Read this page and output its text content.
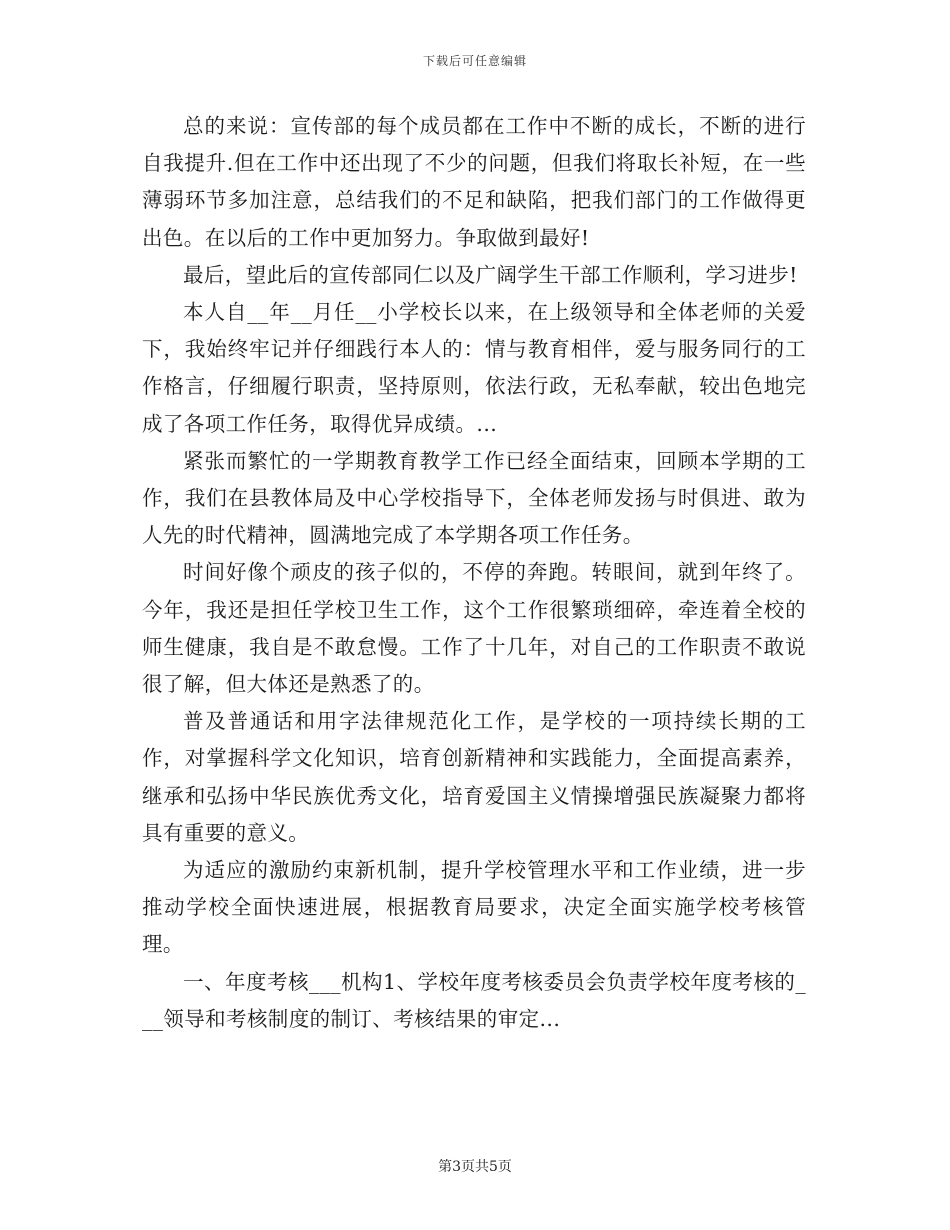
下载后可任意编辑

总的来说：宣传部的每个成员都在工作中不断的成长，不断的进行自我提升.但在工作中还出现了不少的问题，但我们将取长补短，在一些薄弱环节多加注意，总结我们的不足和缺陷，把我们部门的工作做得更出色。在以后的工作中更加努力。争取做到最好!

最后，望此后的宣传部同仁以及广阔学生干部工作顺利，学习进步!

本人自__年__月任__小学校长以来，在上级领导和全体老师的关爱下，我始终牢记并仔细践行本人的：情与教育相伴，爱与服务同行的工作格言，仔细履行职责，坚持原则，依法行政，无私奉献，较出色地完成了各项工作任务，取得优异成绩。...

紧张而繁忙的一学期教育教学工作已经全面结束，回顾本学期的工作，我们在县教体局及中心学校指导下，全体老师发扬与时俱进、敢为人先的时代精神，圆满地完成了本学期各项工作任务。

时间好像个顽皮的孩子似的，不停的奔跑。转眼间，就到年终了。今年，我还是担任学校卫生工作，这个工作很繁琐细碎，牵连着全校的师生健康，我自是不敢怠慢。工作了十几年，对自己的工作职责不敢说很了解，但大体还是熟悉了的。

普及普通话和用字法律规范化工作，是学校的一项持续长期的工作，对掌握科学文化知识，培育创新精神和实践能力，全面提高素养，继承和弘扬中华民族优秀文化，培育爱国主义情操增强民族凝聚力都将具有重要的意义。

为适应的激励约束新机制，提升学校管理水平和工作业绩，进一步推动学校全面快速进展，根据教育局要求，决定全面实施学校考核管理。

一、年度考核___机构1、学校年度考核委员会负责学校年度考核的___领导和考核制度的制订、考核结果的审定...

第3页共5页
